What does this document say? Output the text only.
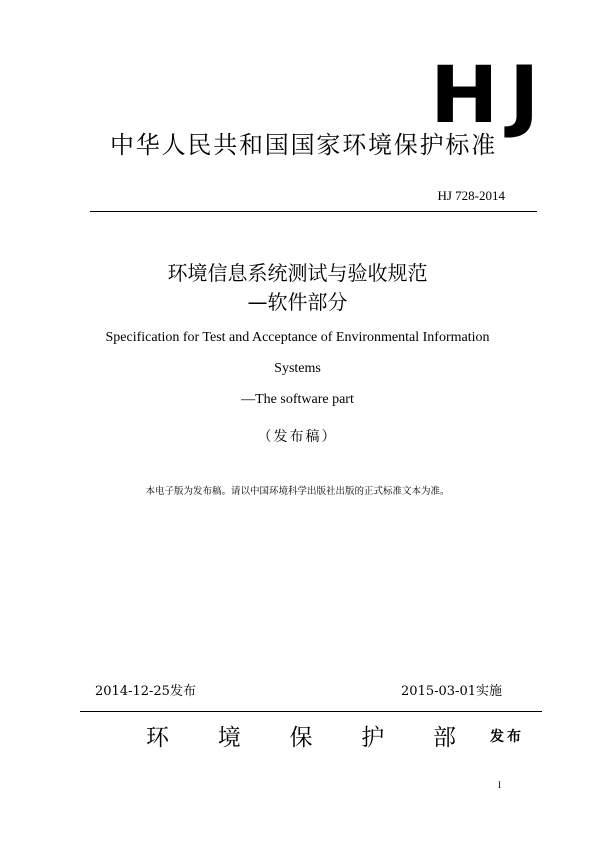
HJ
中华人民共和国国家环境保护标准
HJ 728-2014
环境信息系统测试与验收规范
—软件部分
Specification for Test and Acceptance of Environmental Information
Systems
—The software part
（发布稿）
本电子版为发布稿。请以中国环境科学出版社出版的正式标准文本为准。
2014-12-25发布	2015-03-01实施
环 境 保 护 部 发布
I
